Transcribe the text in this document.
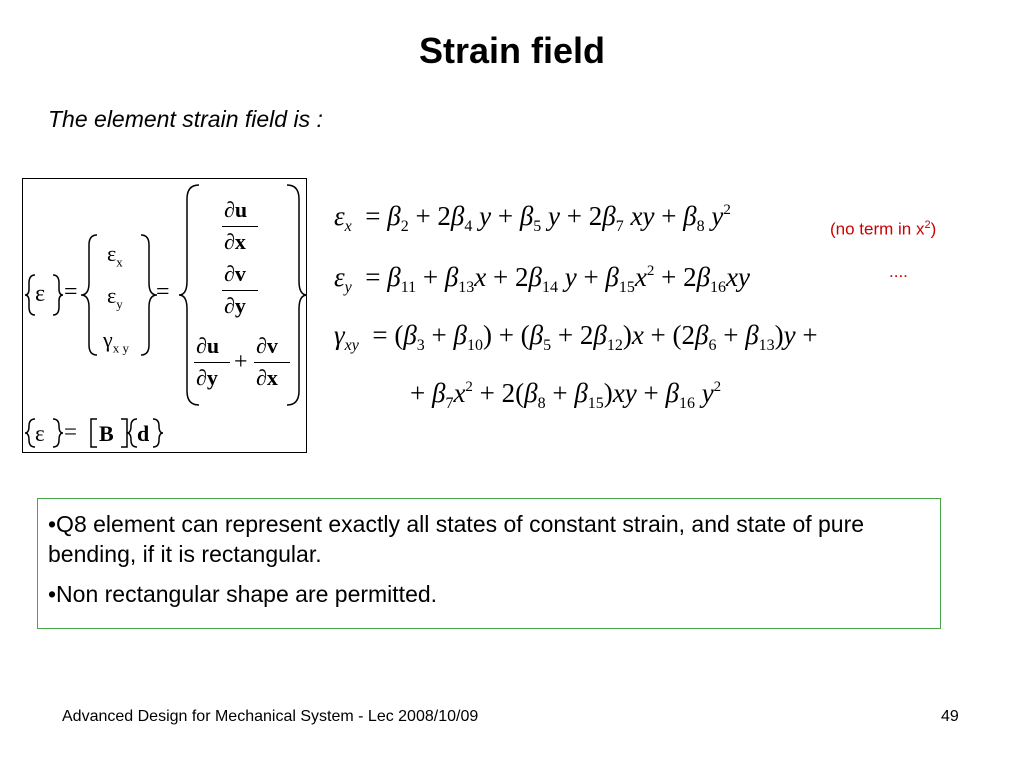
Strain field
The element strain field is :
ε =
$\varepsilon_x$
$\varepsilon_y$
$\gamma_{x y}$
=
∂u
∂x
∂v
∂y
∂u
∂y
+
∂v
∂x
ε = B d
$\varepsilon_x = \beta_2 + 2\beta_4$ $y + \beta_5$ $y + 2\beta_7$ xy + $\beta_8$ $y^2$
$\varepsilon_y = \beta_{11} + \beta_{13}x + 2\beta_{14}$ $y + \beta_{15}x^2 + 2\beta_{16}xy$
$\gamma_{xy} = (\beta_3 + \beta_{10}) + (\beta_5 + 2\beta_{12})x + (2\beta_6 + \beta_{13})y$ +
+ $\beta_7x^2 + 2(\beta_8 + \beta_{15})xy + \beta_{16}$ $y^2$
(no term in $x^2$)
....

•Q8 element can represent exactly all states of constant strain, and state of pure bending, if it is rectangular.

•Non rectangular shape are permitted.

Advanced Design for Mechanical System - Lec 2008/10/09	49
